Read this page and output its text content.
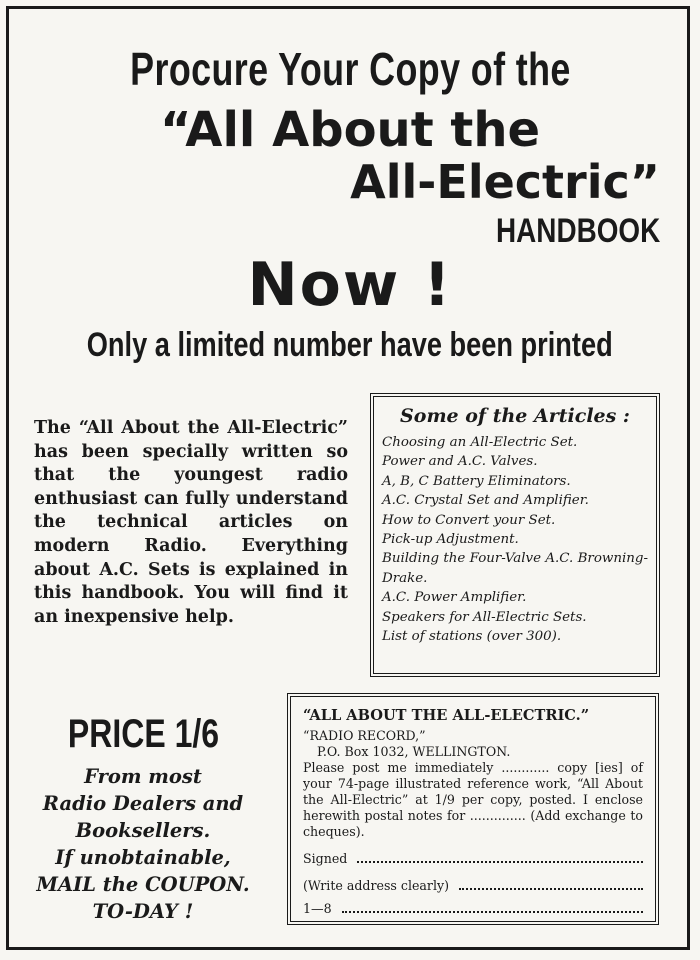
Procure Your Copy of the
“All About the
All-Electric”
HANDBOOK
Now !
Only a limited number have been printed
The “All About the All-Electric” has been specially written so that the youngest radio enthusiast can fully understand the technical articles on modern Radio. Everything about A.C. Sets is explained in this handbook. You will find it an inexpensive help.
Some of the Articles :
Choosing an All-Electric Set.
Power and A.C. Valves.
A, B, C Battery Eliminators.
A.C. Crystal Set and Amplifier.
How to Convert your Set.
Pick-up Adjustment.
Building the Four-Valve A.C. Browning-Drake.
A.C. Power Amplifier.
Speakers for All-Electric Sets.
List of stations (over 300).
PRICE 1/6
From most
Radio Dealers and
Booksellers.
If unobtainable,
MAIL the COUPON.
TO-DAY !
“ALL ABOUT THE ALL-ELECTRIC.”
“RADIO RECORD,”
P.O. Box 1032, WELLINGTON.
Please post me immediately ............ copy [ies] of your 74-page illustrated reference work, “All About the All-Electric” at 1/9 per copy, posted. I enclose herewith postal notes for .............. (Add exchange to cheques).
Signed
(Write address clearly)
1—8
